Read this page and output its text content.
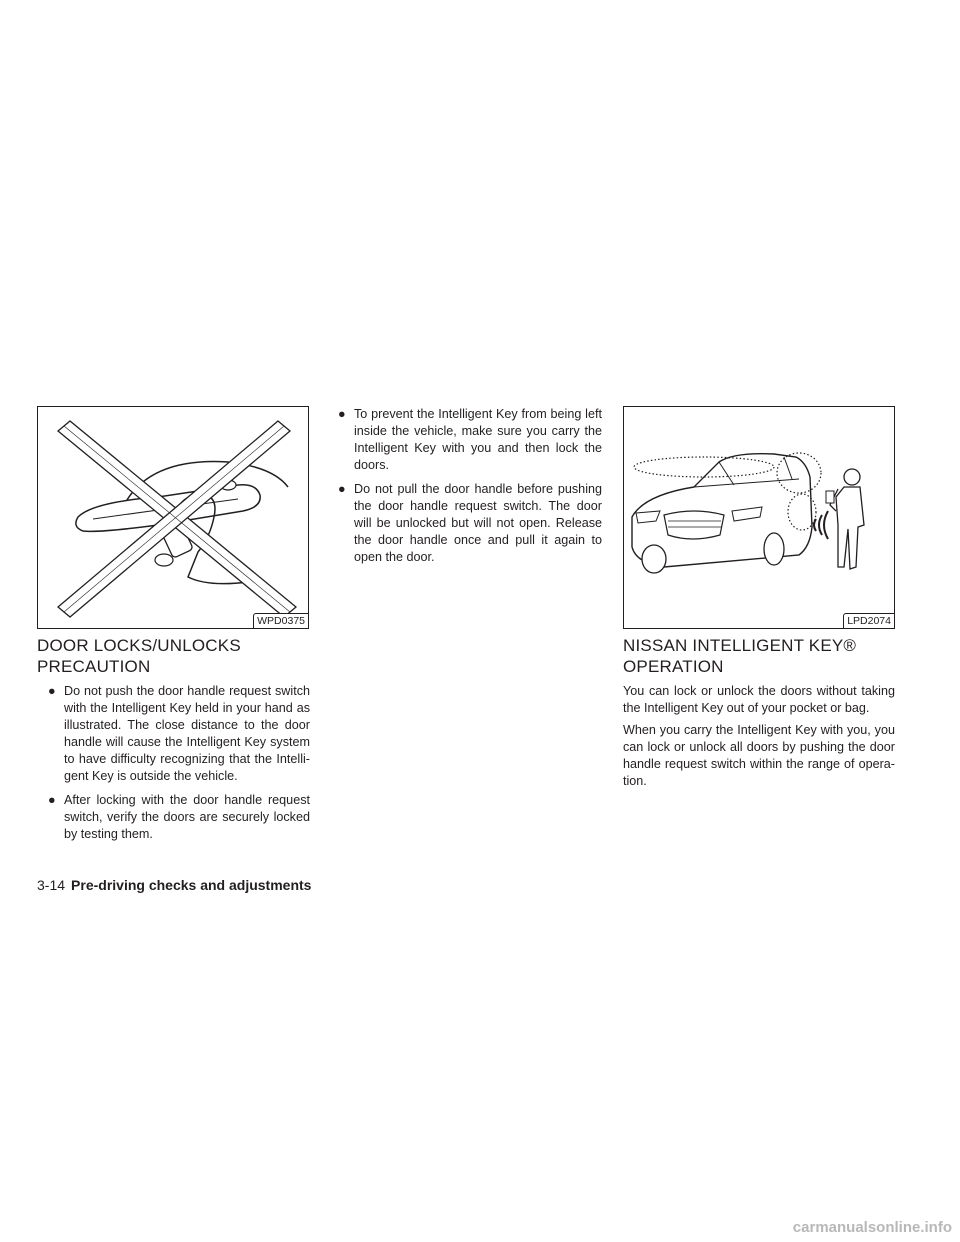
WPD0375	LPD2074
DOOR LOCKS/UNLOCKS
PRECAUTION
● Do not push the door handle request switch with the Intelligent Key held in your hand as illustrated. The close distance to the door handle will cause the Intelligent Key system to have difficulty recognizing that the Intelli-gent Key is outside the vehicle.
● After locking with the door handle request switch, verify the doors are securely locked by testing them.
● To prevent the Intelligent Key from being left inside the vehicle, make sure you carry the Intelligent Key with you and then lock the doors.
● Do not pull the door handle before pushing the door handle request switch. The door will be unlocked but will not open. Release the door handle once and pull it again to open the door.
NISSAN INTELLIGENT KEY®
OPERATION

You can lock or unlock the doors without taking the Intelligent Key out of your pocket or bag.

When you carry the Intelligent Key with you, you can lock or unlock all doors by pushing the door handle request switch within the range of opera-tion.

3-14 Pre-driving checks and adjustments
carmanualsonline.info
